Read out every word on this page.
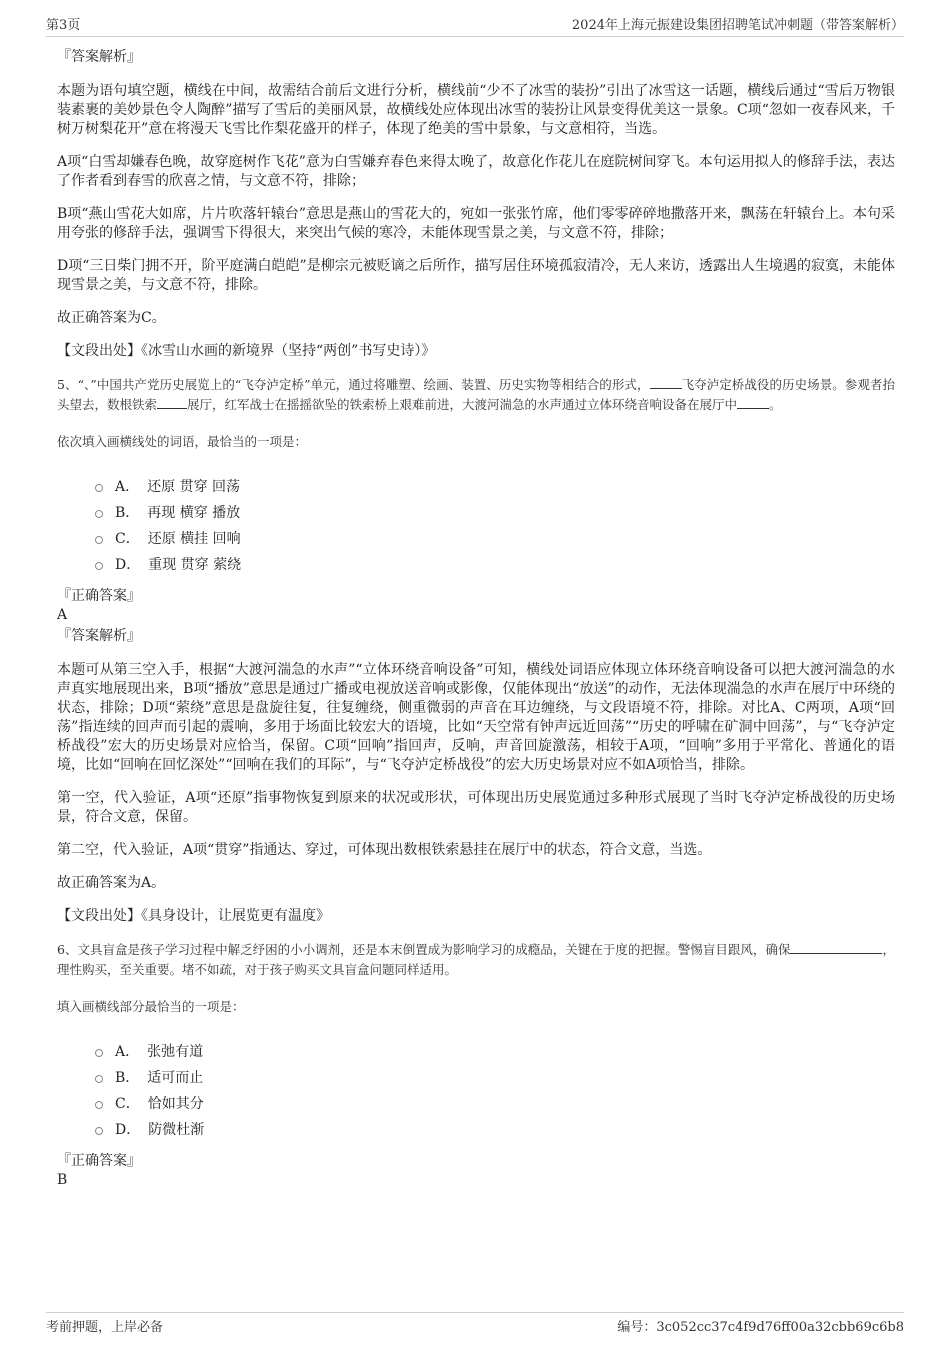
第3页	2024年上海元振建设集团招聘笔试冲刺题（带答案解析）
『答案解析』

本题为语句填空题，横线在中间，故需结合前后文进行分析，横线前“少不了冰雪的装扮”引出了冰雪这一话题，横线后通过“雪后万物银装素裹的美妙景色令人陶醉”描写了雪后的美丽风景，故横线处应体现出冰雪的装扮让风景变得优美这一景象。C项“忽如一夜春风来，千树万树梨花开”意在将漫天飞雪比作梨花盛开的样子，体现了绝美的雪中景象，与文意相符，当选。

A项“白雪却嫌春色晚，故穿庭树作飞花”意为白雪嫌弃春色来得太晚了，故意化作花儿在庭院树间穿飞。本句运用拟人的修辞手法，表达了作者看到春雪的欣喜之情，与文意不符，排除；

B项“燕山雪花大如席，片片吹落轩辕台”意思是燕山的雪花大的，宛如一张张竹席，他们零零碎碎地撒落开来，飘荡在轩辕台上。本句采用夸张的修辞手法，强调雪下得很大，来突出气候的寒冷，未能体现雪景之美，与文意不符，排除；

D项“三日柴门拥不开，阶平庭满白皑皑”是柳宗元被贬谪之后所作，描写居住环境孤寂清冷，无人来访，透露出人生境遇的寂寞，未能体现雪景之美，与文意不符，排除。

故正确答案为C。

【文段出处】《冰雪山水画的新境界（坚持“两创”书写史诗）》

5、“、”中国共产党历史展览上的“飞夺泸定桥”单元，通过将雕塑、绘画、装置、历史实物等相结合的形式，	飞夺泸定桥战役的历史场景。参观者抬头望去，数根铁索 展厅，红军战士在摇摇欲坠的铁索桥上艰难前进，大渡河湍急的水声通过立体环绕音响设备在展厅中	。

依次填入画横线处的词语，最恰当的一项是：

A． 还原 贯穿 回荡
B． 再现 横穿 播放
C． 还原 横挂 回响
D． 重现 贯穿 萦绕
『正确答案』
A
『答案解析』

本题可从第三空入手，根据“大渡河湍急的水声”“立体环绕音响设备”可知，横线处词语应体现立体环绕音响设备可以把大渡河湍急的水声真实地展现出来，B项“播放”意思是通过广播或电视放送音响或影像，仅能体现出“放送”的动作，无法体现湍急的水声在展厅中环绕的状态，排除；D项“萦绕”意思是盘旋往复，往复缠绕，侧重微弱的声音在耳边缠绕，与文段语境不符，排除。对比A、C两项，A项“回荡”指连续的回声而引起的震响，多用于场面比较宏大的语境，比如“天空常有钟声远近回荡”“历史的呼啸在矿洞中回荡”，与“飞夺泸定桥战役”宏大的历史场景对应恰当，保留。C项“回响”指回声，反响，声音回旋激荡，相较于A项，“回响”多用于平常化、普通化的语境，比如“回响在回忆深处”“回响在我们的耳际”，与“飞夺泸定桥战役”的宏大历史场景对应不如A项恰当，排除。

第一空，代入验证，A项“还原”指事物恢复到原来的状况或形状，可体现出历史展览通过多种形式展现了当时飞夺泸定桥战役的历史场景，符合文意，保留。

第二空，代入验证，A项“贯穿”指通达、穿过，可体现出数根铁索悬挂在展厅中的状态，符合文意，当选。

故正确答案为A。

【文段出处】《具身设计，让展览更有温度》

6、文具盲盒是孩子学习过程中解乏纾困的小小调剂，还是本末倒置成为影响学习的成瘾品，关键在于度的把握。警惕盲目跟风，确保	，理性购买，至关重要。堵不如疏，对于孩子购买文具盲盒问题同样适用。

填入画横线部分最恰当的一项是：

A． 张弛有道
B． 适可而止
C． 恰如其分
D． 防微杜渐
『正确答案』
B
考前押题，上岸必备	编号：3c052cc37c4f9d76ff00a32cbb69c6b8
